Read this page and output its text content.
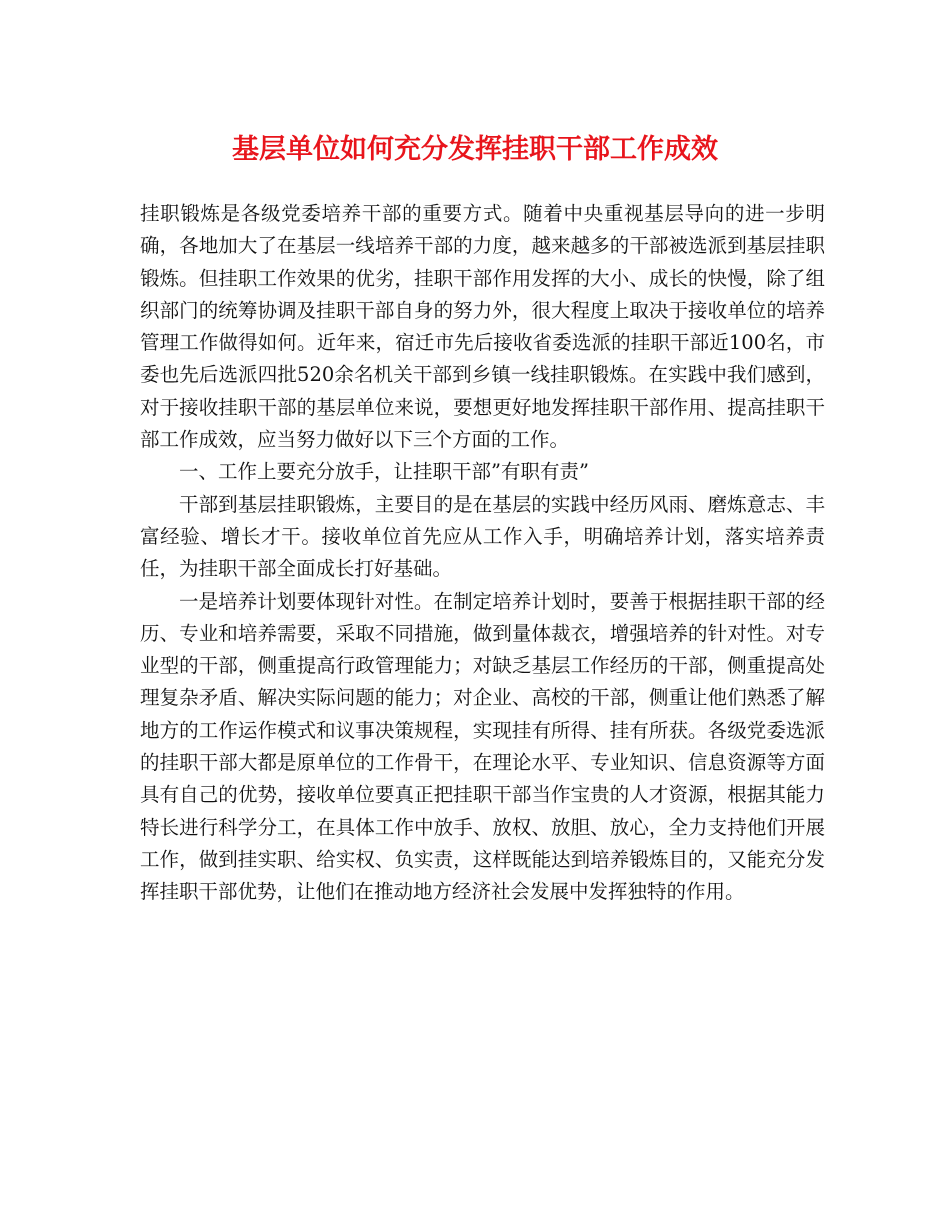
基层单位如何充分发挥挂职干部工作成效

挂职锻炼是各级党委培养干部的重要方式。随着中央重视基层导向的进一步明确，各地加大了在基层一线培养干部的力度，越来越多的干部被选派到基层挂职锻炼。但挂职工作效果的优劣，挂职干部作用发挥的大小、成长的快慢，除了组织部门的统筹协调及挂职干部自身的努力外，很大程度上取决于接收单位的培养管理工作做得如何。近年来，宿迁市先后接收省委选派的挂职干部近100名，市委也先后选派四批520余名机关干部到乡镇一线挂职锻炼。在实践中我们感到，对于接收挂职干部的基层单位来说，要想更好地发挥挂职干部作用、提高挂职干部工作成效，应当努力做好以下三个方面的工作。

一、工作上要充分放手，让挂职干部”有职有责”

干部到基层挂职锻炼，主要目的是在基层的实践中经历风雨、磨炼意志、丰富经验、增长才干。接收单位首先应从工作入手，明确培养计划，落实培养责任，为挂职干部全面成长打好基础。

一是培养计划要体现针对性。在制定培养计划时，要善于根据挂职干部的经历、专业和培养需要，采取不同措施，做到量体裁衣，增强培养的针对性。对专业型的干部，侧重提高行政管理能力；对缺乏基层工作经历的干部，侧重提高处理复杂矛盾、解决实际问题的能力；对企业、高校的干部，侧重让他们熟悉了解地方的工作运作模式和议事决策规程，实现挂有所得、挂有所获。各级党委选派的挂职干部大都是原单位的工作骨干，在理论水平、专业知识、信息资源等方面具有自己的优势，接收单位要真正把挂职干部当作宝贵的人才资源，根据其能力特长进行科学分工，在具体工作中放手、放权、放胆、放心，全力支持他们开展工作，做到挂实职、给实权、负实责，这样既能达到培养锻炼目的，又能充分发挥挂职干部优势，让他们在推动地方经济社会发展中发挥独特的作用。
